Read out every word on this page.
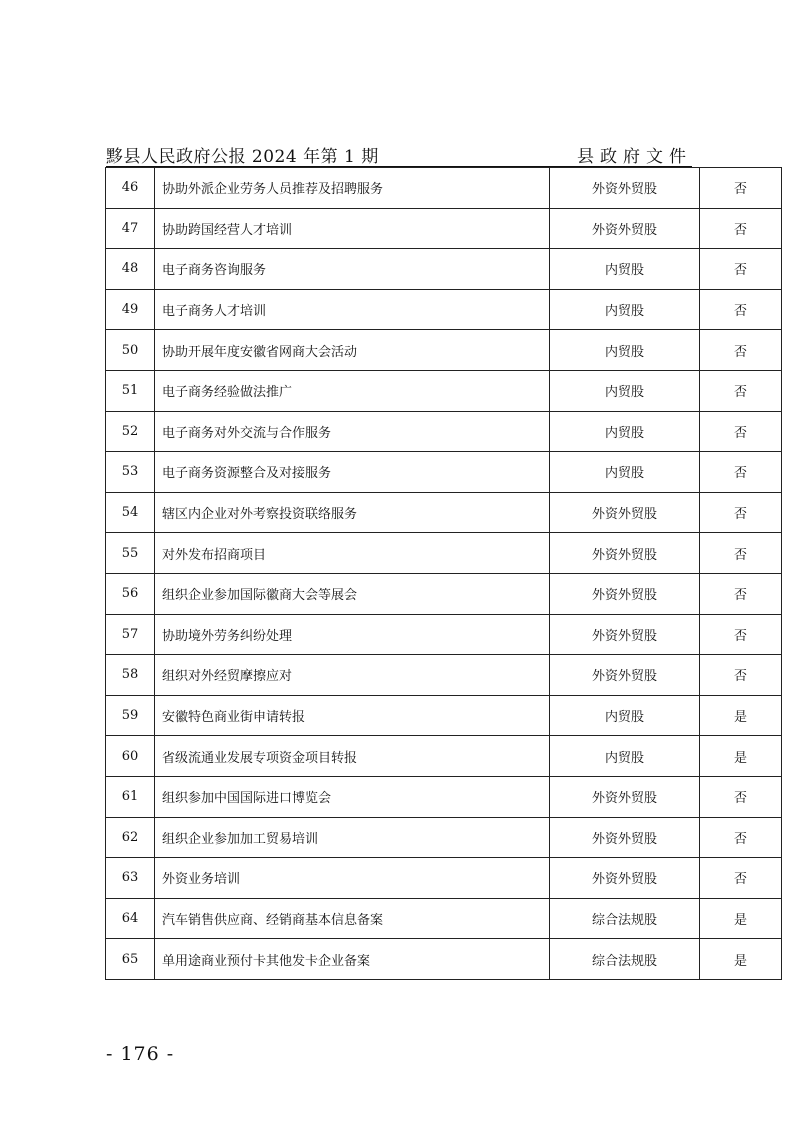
黟县人民政府公报 2024 年第 1 期	县政府文件
46	协助外派企业劳务人员推荐及招聘服务	外资外贸股	否
47	协助跨国经营人才培训	外资外贸股	否
48	电子商务咨询服务	内贸股	否
49	电子商务人才培训	内贸股	否
50	协助开展年度安徽省网商大会活动	内贸股	否
51	电子商务经验做法推广	内贸股	否
52	电子商务对外交流与合作服务	内贸股	否
53	电子商务资源整合及对接服务	内贸股	否
54	辖区内企业对外考察投资联络服务	外资外贸股	否
55	对外发布招商项目	外资外贸股	否
56	组织企业参加国际徽商大会等展会	外资外贸股	否
57	协助境外劳务纠纷处理	外资外贸股	否
58	组织对外经贸摩擦应对	外资外贸股	否
59	安徽特色商业街申请转报	内贸股	是
60	省级流通业发展专项资金项目转报	内贸股	是
61	组织参加中国国际进口博览会	外资外贸股	否
62	组织企业参加加工贸易培训	外资外贸股	否
63	外资业务培训	外资外贸股	否
64	汽车销售供应商、经销商基本信息备案	综合法规股	是
65	单用途商业预付卡其他发卡企业备案	综合法规股	是
- 176 -
